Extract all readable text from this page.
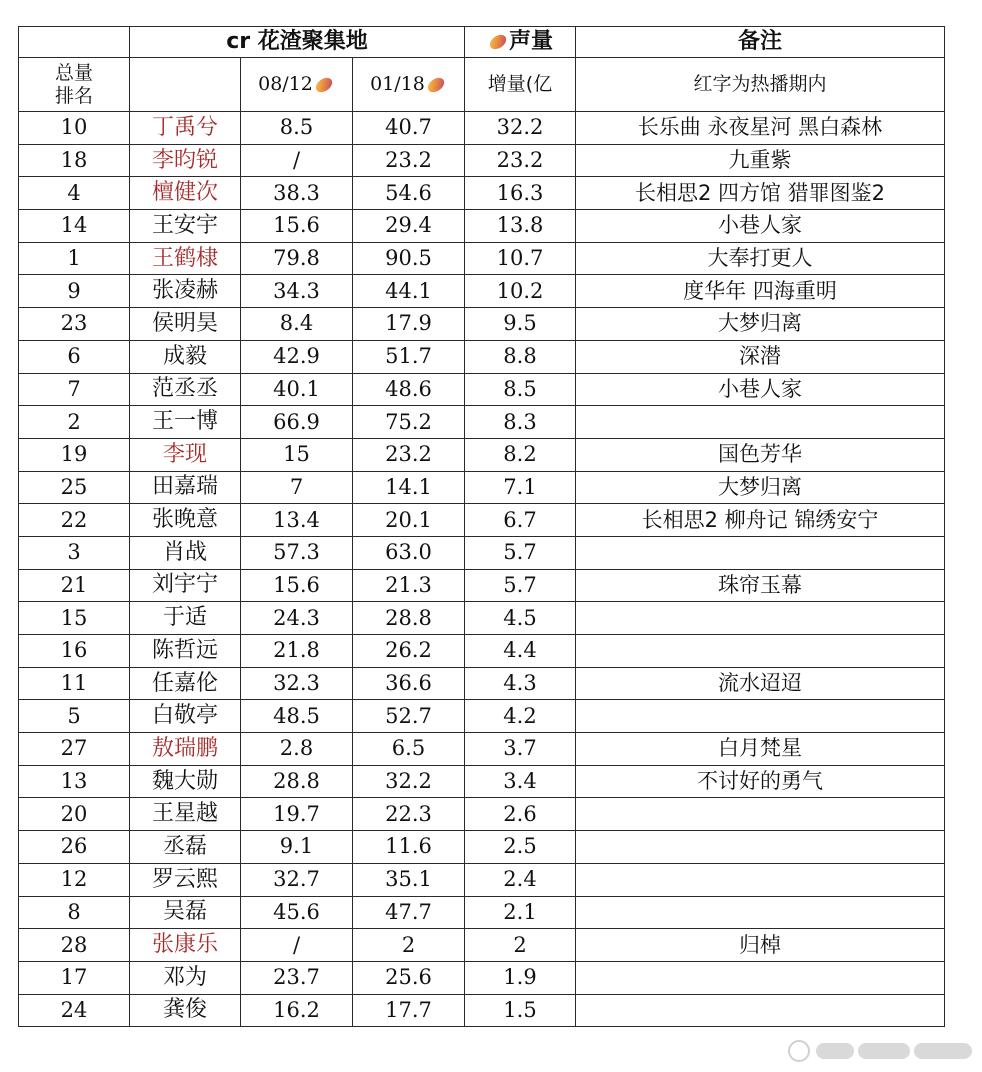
	cr 花渣聚集地			声量	备注
总量
排名		08/12	01/18	增量(亿	红字为热播期内
10	丁禹兮	8.5	40.7	32.2	长乐曲 永夜星河 黑白森林
18	李昀锐	/	23.2	23.2	九重紫
4	檀健次	38.3	54.6	16.3	长相思2 四方馆 猎罪图鉴2
14	王安宇	15.6	29.4	13.8	小巷人家
1	王鹤棣	79.8	90.5	10.7	大奉打更人
9	张凌赫	34.3	44.1	10.2	度华年 四海重明
23	侯明昊	8.4	17.9	9.5	大梦归离
6	成毅	42.9	51.7	8.8	深潜
7	范丞丞	40.1	48.6	8.5	小巷人家
2	王一博	66.9	75.2	8.3	
19	李现	15	23.2	8.2	国色芳华
25	田嘉瑞	7	14.1	7.1	大梦归离
22	张晚意	13.4	20.1	6.7	长相思2 柳舟记 锦绣安宁
3	肖战	57.3	63.0	5.7	
21	刘宇宁	15.6	21.3	5.7	珠帘玉幕
15	于适	24.3	28.8	4.5	
16	陈哲远	21.8	26.2	4.4	
11	任嘉伦	32.3	36.6	4.3	流水迢迢
5	白敬亭	48.5	52.7	4.2	
27	敖瑞鹏	2.8	6.5	3.7	白月梵星
13	魏大勋	28.8	32.2	3.4	不讨好的勇气
20	王星越	19.7	22.3	2.6	
26	丞磊	9.1	11.6	2.5	
12	罗云熙	32.7	35.1	2.4	
8	吴磊	45.6	47.7	2.1	
28	张康乐	/	2	2	归棹
17	邓为	23.7	25.6	1.9	
24	龚俊	16.2	17.7	1.5	
